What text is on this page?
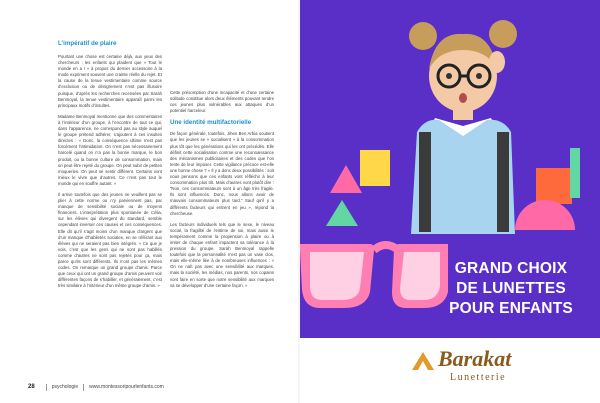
L’impératif de plaire

Pourtant une chose est certaine déjà, aux yeux des chercheurs : les enfants qui plaident que « Tout le monde en a ! » à propos du dernier accessoire à la mode expriment souvent une crainte réelle du rejet. Et la cause de la tenue vestimentaire comme source d’exclusion ou de dénigrement n’est pas illusoire puisque, d’après les recherches recensées par Sarah Benmoyal, la tenue vestimentaire apparaît parmi les principaux motifs d’insultes.

Madame Benmoyal mentionne que des commentaires à l’intérieur d’un groupe, à l’encontre de tout ce qui, dans l’apparence, ne correspond pas au style auquel le groupe prétend adhérer, s’ajoutent à ces insultes directes : « Donc, la conséquence ultime n’est pas forcément l’intimidation. On n’est pas nécessairement harcelé quand on n’a pas la bonne marque, le bon produit, ou la bonne culture de consommation, mais on peut être rejeté du groupe. On peut subir de petites moqueries. On peut se sentir différent. Certains vont mieux le vivre que d’autres. Ce n’est pas tout le monde qui en souffre autant. »

Il arrive toutefois que des jeunes ne veuillent pas se plier à cette norme ou n’y parviennent pas, par manque de sensibilité sociale ou de moyens financiers. L’interprétation plus spontanée de Célia, sur les élèves qui divergent du standard, semble cependant inverser ces causes et ces conséquences. Elle dit qu’il s’agit moins d’un manque d’argent que d’un manque d’habiletés sociales, en se référant aux élèves qui ne seraient pas bien intégrés. « Ce que je vois, c’est que les gens qui ne sont pas habillés comme d’autres ne sont pas rejetés pour ça, mais parce qu’ils sont différents. Ils n’ont pas les mêmes codes. On remarque un grand groupe d’amis. Parce que ceux qui ont un grand groupe d’amis peuvent voir différentes façons de s’habiller, et généralement, c’est très similaire à l’intérieur d’un même groupe d’amis. »

Cette présomption d’une incapacité et d’une certaine solitude constitue alors deux éléments pouvant rendre ces jeunes plus vulnérables aux attaques d’un potentiel harceleur.

Une identité multifactorielle

De façon générale, toutefois, Jihen Ben Arbia soutient que les jeunes se « socialisent » à la consommation plus tôt que les générations qui les ont précédés. Elle définit cette socialisation comme une reconnaissance des mécanismes publicitaires et des codes que l’on tente de leur imposer. Cette vigilance précoce est-elle une bonne chose ? « Il y a donc deux possibilités : soit nous pensons que ces enfants vont réfléchir à leur consommation plus tôt. Mais d’autres vont plutôt dire : “Non, ces consommateurs sont à un âge très fragile. Ils sont influencés. Donc, nous allons avoir de mauvais consommateurs plus tard.” Sauf qu’il y a différents facteurs qui entrent en jeu », répond la chercheuse.

Les facteurs individuels tels que le sexe, le niveau social, la fragilité de l’estime de soi, mais aussi le tempérament comme la propension à plaire ou à imiter de chaque enfant impactent sa tolérance à la pression du groupe. Sarah Benmoyal rappelle toutefois que la personnalité n’est pas un vase clos, mais elle-même liée à de nombreuses influences : « On ne naît pas avec une sensibilité aux marques, mais la société, les médias, nos parents, nos copains vont faire en sorte que notre sensibilité aux marques va se développer d’une certaine façon. »

28	psychologie www.montessoripourlenfants.com
GRAND CHOIX
DE LUNETTES
POUR ENFANTS
Barakat
Lunetterie
